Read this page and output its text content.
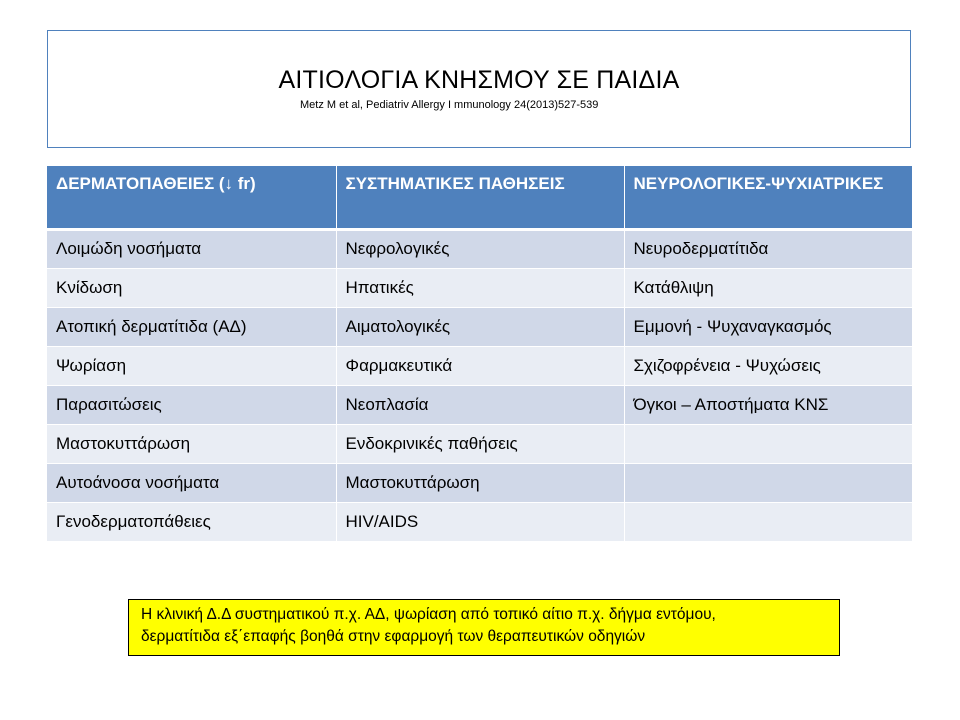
ΑΙΤΙΟΛΟΓΙΑ ΚΝΗΣΜΟΥ ΣΕ ΠΑΙΔΙΑ
Metz M et al, Pediatriv Allergy I mmunology 24(2013)527-539
ΔΕΡΜΑΤΟΠΑΘΕΙΕΣ (↓ fr)	ΣΥΣΤΗΜΑΤΙΚΕΣ ΠΑΘΗΣΕΙΣ	ΝΕΥΡΟΛΟΓΙΚΕΣ-ΨΥΧΙΑΤΡΙΚΕΣ
Λοιμώδη νοσήματα	Νεφρολογικές	Νευροδερματίτιδα
Κνίδωση	Ηπατικές	Κατάθλιψη
Ατοπική δερματίτιδα (ΑΔ)	Αιματολογικές	Εμμονή - Ψυχαναγκασμός
Ψωρίαση	Φαρμακευτικά	Σχιζοφρένεια - Ψυχώσεις
Παρασιτώσεις	Νεοπλασία	Όγκοι – Αποστήματα ΚΝΣ
Μαστοκυττάρωση	Ενδοκρινικές παθήσεις	
Αυτοάνοσα νοσήματα	Μαστοκυττάρωση	
Γενοδερματοπάθειες	HIV/AIDS	
Η κλινική Δ.Δ συστηματικού π.χ. ΑΔ, ψωρίαση από τοπικό αίτιο π.χ. δήγμα εντόμου,
δερματίτιδα εξ΄επαφής βοηθά στην εφαρμογή των θεραπευτικών οδηγιών
